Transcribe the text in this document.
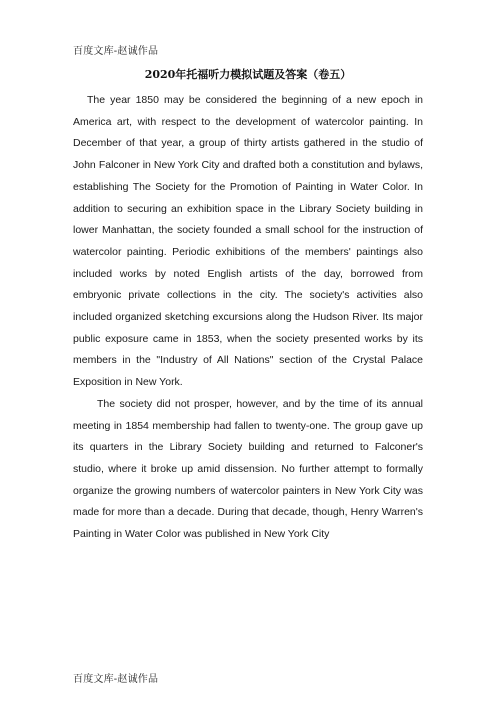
百度文库-赵诚作品
2020年托福听力模拟试题及答案（卷五）

The year 1850 may be considered the beginning of a new epoch in America art, with respect to the development of watercolor painting. In December of that year, a group of thirty artists gathered in the studio of John Falconer in New York City and drafted both a constitution and bylaws, establishing The Society for the Promotion of Painting in Water Color. In addition to securing an exhibition space in the Library Society building in lower Manhattan, the society founded a small school for the instruction of watercolor painting. Periodic exhibitions of the members' paintings also included works by noted English artists of the day, borrowed from embryonic private collections in the city. The society's activities also included organized sketching excursions along the Hudson River. Its major public exposure came in 1853, when the society presented works by its members in the "Industry of All Nations" section of the Crystal Palace Exposition in New York.

The society did not prosper, however, and by the time of its annual meeting in 1854 membership had fallen to twenty-one. The group gave up its quarters in the Library Society building and returned to Falconer's studio, where it broke up amid dissension. No further attempt to formally organize the growing numbers of watercolor painters in New York City was made for more than a decade. During that decade, though, Henry Warren's Painting in Water Color was published in New York City

百度文库-赵诚作品
